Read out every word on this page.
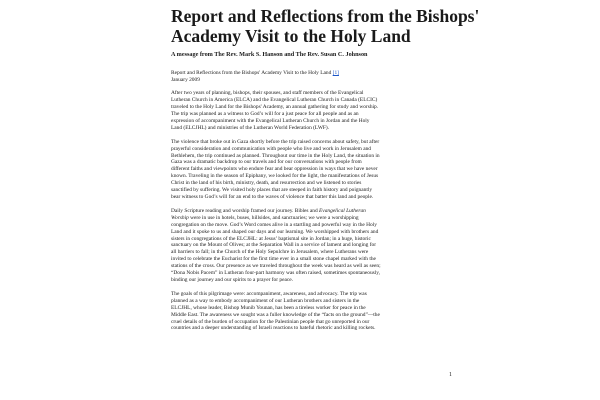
Report and Reflections from the Bishops'
Academy Visit to the Holy Land

A message from The Rev. Mark S. Hanson and The Rev. Susan C. Johnson

Report and Reflections from the Bishops' Academy Visit to the Holy Land [1]
January 2009

After two years of planning, bishops, their spouses, and staff members of the Evangelical
Lutheran Church in America (ELCA) and the Evangelical Lutheran Church in Canada (ELCIC)
traveled to the Holy Land for the Bishops' Academy, an annual gathering for study and worship.
The trip was planned as a witness to God’s will for a just peace for all people and as an
expression of accompaniment with the Evangelical Lutheran Church in Jordan and the Holy
Land (ELCJHL) and ministries of the Lutheran World Federation (LWF).

The violence that broke out in Gaza shortly before the trip raised concerns about safety, but after
prayerful consideration and communication with people who live and work in Jerusalem and
Bethlehem, the trip continued as planned. Throughout our time in the Holy Land, the situation in
Gaza was a dramatic backdrop to our travels and for our conversations with people from
different faiths and viewpoints who endure fear and bear oppression in ways that we have never
known. Traveling in the season of Epiphany, we looked for the light, the manifestations of Jesus
Christ in the land of his birth, ministry, death, and resurrection and we listened to stories
sanctified by suffering. We visited holy places that are steeped in faith history and poignantly
bear witness to God’s will for an end to the waves of violence that batter this land and people.

Daily Scripture reading and worship framed our journey. Bibles and Evangelical Lutheran
Worship were in use in hotels, buses, hillsides, and sanctuaries; we were a worshipping
congregation on the move. God’s Word comes alive in a startling and powerful way in the Holy
Land and it spoke to us and shaped our days and our learning. We worshipped with brothers and
sisters in congregations of the ELCJHL: at Jesus’ baptismal site in Jordan; in a huge, historic
sanctuary on the Mount of Olives; at the Separation Wall in a service of lament and longing for
all barriers to fall; in the Church of the Holy Sepulchre in Jerusalem, where Lutherans were
invited to celebrate the Eucharist for the first time ever in a small stone chapel marked with the
stations of the cross. Our presence as we traveled throughout the week was heard as well as seen;
“Dona Nobis Pacem” in Lutheran four-part harmony was often raised, sometimes spontaneously,
binding our journey and our spirits to a prayer for peace.

The goals of this pilgrimage were: accompaniment, awareness, and advocacy. The trip was
planned as a way to embody accompaniment of our Lutheran brothers and sisters in the
ELCJHL, whose leader, Bishop Munib Younan, has been a tireless worker for peace in the
Middle East. The awareness we sought was a fuller knowledge of the “facts on the ground”—the
cruel details of the burden of occupation for the Palestinian people that go unreported in our
countries and a deeper understanding of Israeli reactions to hateful rhetoric and killing rockets.

1
